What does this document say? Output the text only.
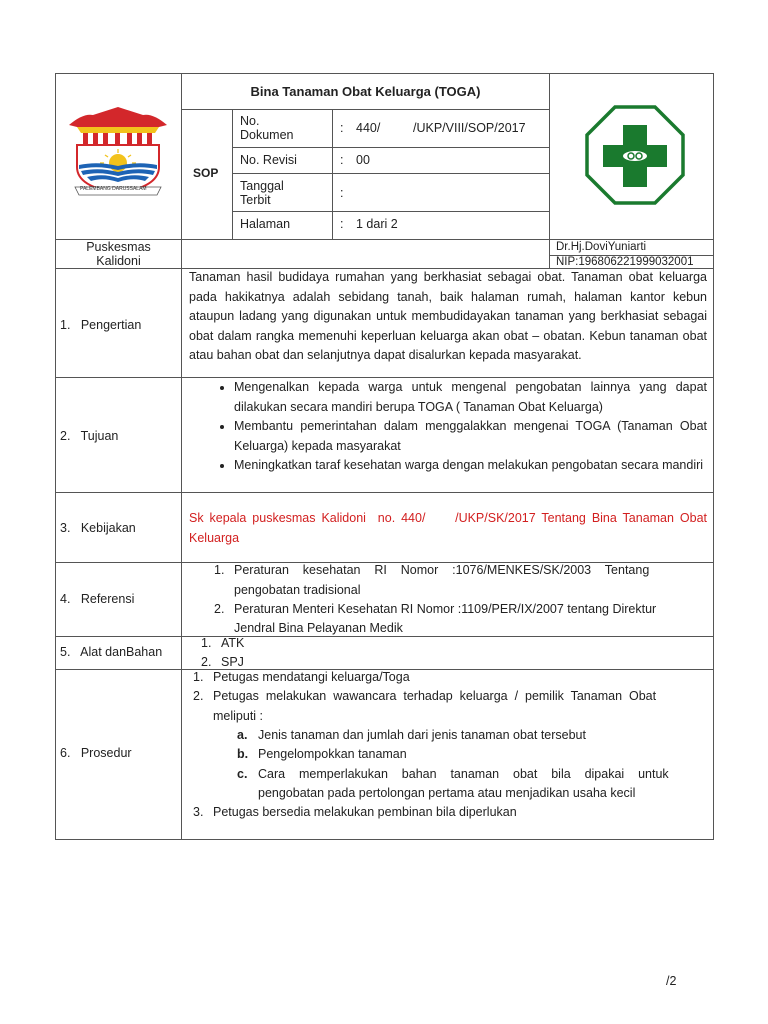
PALEMBANG DARUSSALAM
Bina Tanaman Obat Keluarga (TOGA)
SOP
No.
Dokumen	: 440/	/UKP/VIII/SOP/2017
No. Revisi	: 00
Tanggal
Terbit	:
Halaman	: 1 dari 2
Puskesmas
Kalidoni
Dr.Hj.DoviYuniarti
NIP:196806221999032001
1.   Pengertian
Tanaman hasil budidaya rumahan yang berkhasiat sebagai obat. Tanaman obat keluarga pada hakikatnya adalah sebidang tanah, baik halaman rumah, halaman kantor kebun ataupun ladang yang digunakan untuk membudidayakan tanaman yang berkhasiat sebagai obat dalam rangka memenuhi keperluan keluarga akan obat – obatan. Kebun tanaman obat atau bahan obat dan selanjutnya dapat disalurkan kepada masyarakat.
2.   Tujuan
• Mengenalkan kepada warga untuk mengenal pengobatan lainnya yang dapat dilakukan secara mandiri berupa TOGA ( Tanaman Obat Keluarga)
• Membantu pemerintahan dalam menggalakkan mengenai TOGA (Tanaman Obat Keluarga) kepada masyarakat
• Meningkatkan taraf kesehatan warga dengan melakukan pengobatan secara mandiri
3.   Kebijakan
Sk kepala puskesmas Kalidoni  no. 440/     /UKP/SK/2017 Tentang Bina Tanaman Obat Keluarga
4.   Referensi
1. Peraturan    kesehatan    RI    Nomor    :1076/MENKES/SK/2003    Tentang
pengobatan tradisional
2. Peraturan Menteri Kesehatan RI Nomor :1109/PER/IX/2007 tentang Direktur
Jendral Bina Pelayanan Medik
5.   Alat danBahan
1. ATK
2. SPJ
6.   Prosedur
1. Petugas mendatangi keluarga/Toga
2. Petugas  melakukan  wawancara  terhadap  keluarga  /  pemilik  Tanaman  Obat
meliputi :
a. Jenis tanaman dan jumlah dari jenis tanaman obat tersebut
b. Pengelompokkan tanaman
c. Cara    memperlakukan    bahan    tanaman    obat    bila    dipakai    untuk
pengobatan pada pertolongan pertama atau menjadikan usaha kecil
3. Petugas bersedia melakukan pembinan bila diperlukan
/2
